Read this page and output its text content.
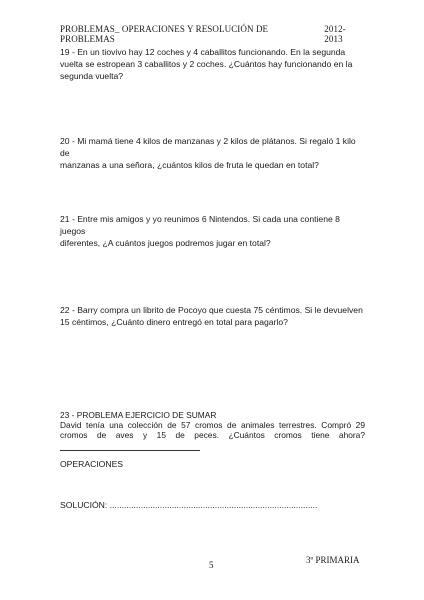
PROBLEMAS_ OPERACIONES Y RESOLUCIÓN DE PROBLEMAS
2012-2013
19 - En un tiovivo hay 12 coches y 4 caballitos funcionando. En la segunda
vuelta se estropean 3 caballitos y 2 coches. ¿Cuántos hay funcionando en la
segunda vuelta?
20 - Mi mamá tiene 4 kilos de manzanas y 2 kilos de plátanos. Si regaló 1 kilo de
manzanas a una señora, ¿cuántos kilos de fruta le quedan en total?
21 - Entre mis amigos y yo reunimos 6 Nintendos. Si cada una contiene 8 juegos
diferentes, ¿A cuántos juegos podremos jugar en total?
22 - Barry compra un librito de Pocoyo que cuesta 75 céntimos. Si le devuelven
15 céntimos, ¿Cuánto dinero entregó en total para pagarlo?
23 - PROBLEMA EJERCICIO DE SUMAR
David tenía una colección de 57 cromos de animales terrestres. Compró 29
cromos de aves y 15 de peces. ¿Cuántos cromos tiene ahora?
OPERACIONES
SOLUCIÓN: .......................................................................................
5	3º PRIMARIA
